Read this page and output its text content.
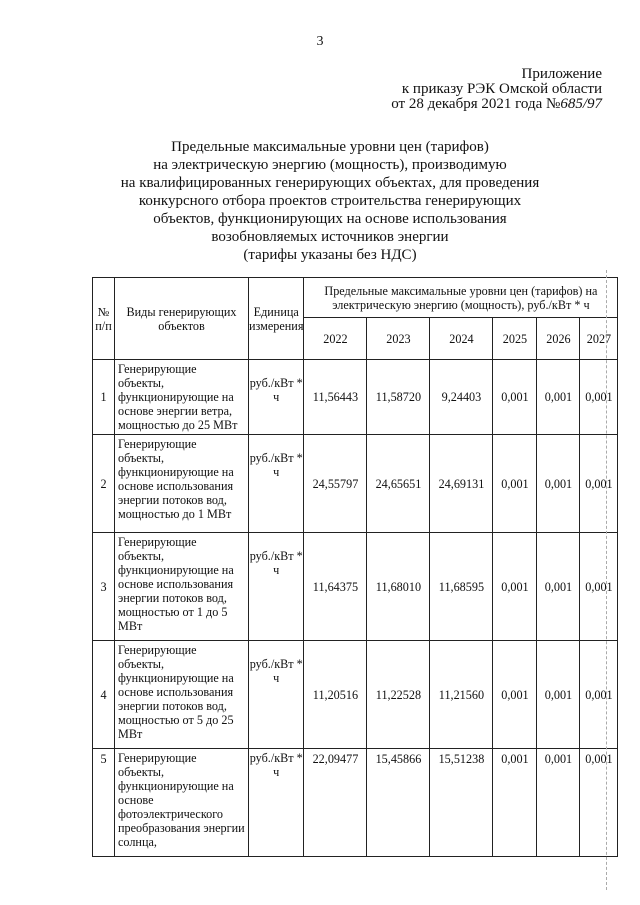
3
Приложение
к приказу РЭК Омской области
от 28 декабря 2021 года №685/97
Предельные максимальные уровни цен (тарифов)
на электрическую энергию (мощность), производимую
на квалифицированных генерирующих объектах, для проведения
конкурсного отбора проектов строительства генерирующих
объектов, функционирующих на основе использования
возобновляемых источников энергии
(тарифы указаны без НДС)
№ п/п	Виды генерирующих объектов	Единица измерения	Предельные максимальные уровни цен (тарифов) на электрическую энергию (мощность), руб./кВт * ч					
			2022	2023	2024	2025	2026	2027
1	Генерирующие объекты, функционирующие на основе энергии ветра, мощностью до 25 МВт	руб./кВт * ч	11,56443	11,58720	9,24403	0,001	0,001	0,001
2	Генерирующие объекты, функционирующие на основе использования энергии потоков вод, мощностью до 1 МВт	руб./кВт * ч	24,55797	24,65651	24,69131	0,001	0,001	0,001
3	Генерирующие объекты, функционирующие на основе использования энергии потоков вод, мощностью от 1 до 5 МВт	руб./кВт * ч	11,64375	11,68010	11,68595	0,001	0,001	0,001
4	Генерирующие объекты, функционирующие на основе использования энергии потоков вод, мощностью от 5 до 25 МВт	руб./кВт * ч	11,20516	11,22528	11,21560	0,001	0,001	0,001
5	Генерирующие объекты, функционирующие на основе фотоэлектрического преобразования энергии солнца,	руб./кВт * ч	22,09477	15,45866	15,51238	0,001	0,001	0,001
